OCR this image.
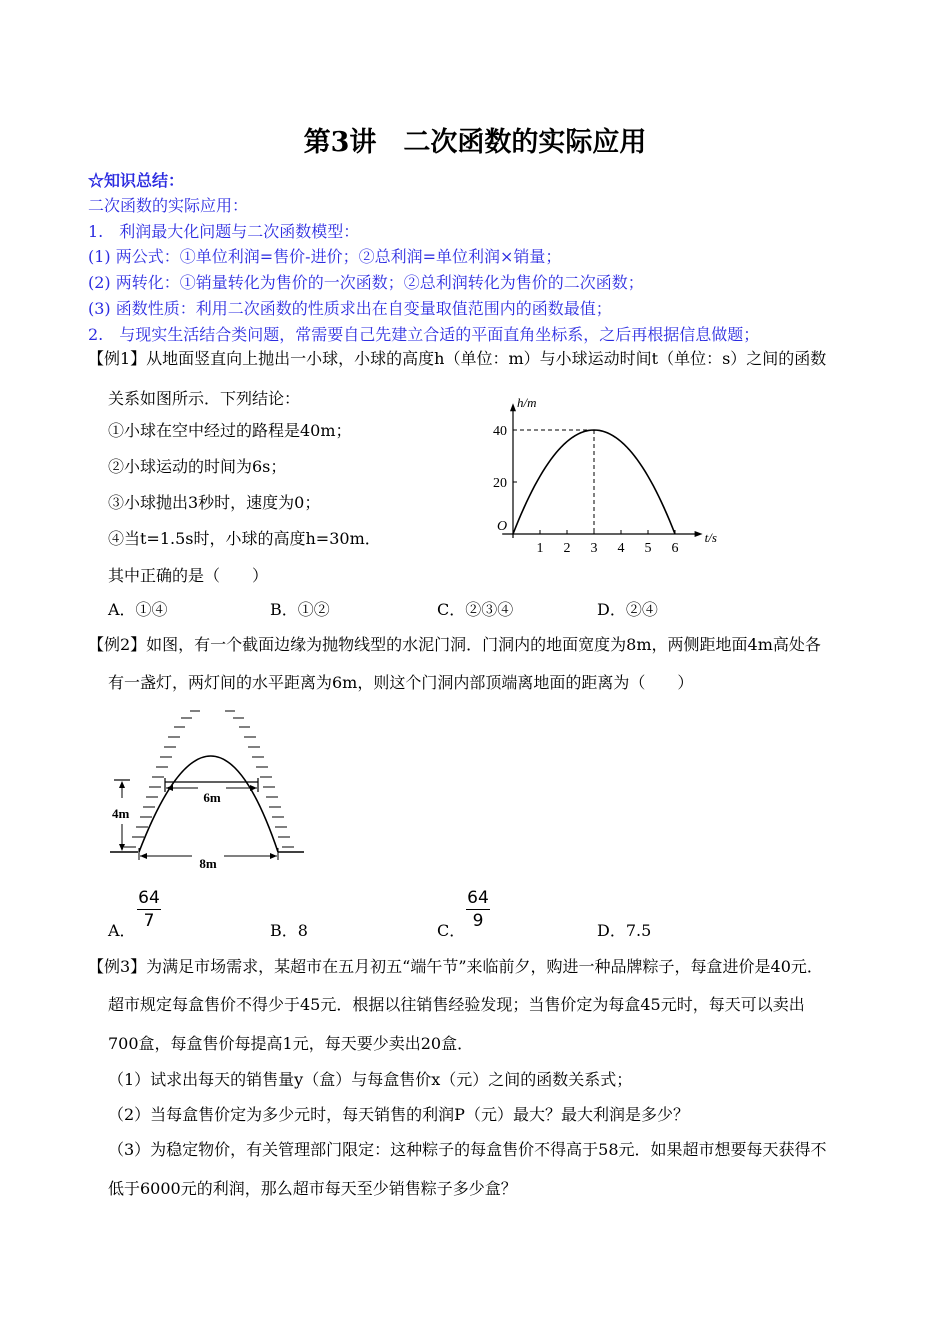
第3讲　二次函数的实际应用
☆知识总结：
二次函数的实际应用：
1.　利润最大化问题与二次函数模型：
(1) 两公式：①单位利润=售价-进价；②总利润=单位利润×销量；
(2) 两转化：①销量转化为售价的一次函数；②总利润转化为售价的二次函数；
(3) 函数性质：利用二次函数的性质求出在自变量取值范围内的函数最值；
2.　与现实生活结合类问题，常需要自己先建立合适的平面直角坐标系，之后再根据信息做题；
【例1】从地面竖直向上抛出一小球，小球的高度h（单位：m）与小球运动时间t（单位：s）之间的函数
关系如图所示．下列结论：
①小球在空中经过的路程是40m；
②小球运动的时间为6s；
③小球抛出3秒时，速度为0；
④当t=1.5s时，小球的高度h=30m．
其中正确的是（　　）
A．①④	B．①②	C．②③④	D．②④
h/m
t/s
O
1 2 3 4 5 6
20
40
【例2】如图，有一个截面边缘为抛物线型的水泥门洞．门洞内的地面宽度为8m，两侧距地面4m高处各
有一盏灯，两灯间的水平距离为6m，则这个门洞内部顶端离地面的距离为（　　）
6m
4m
8m
A．
64
7	B．8	C．
64
9	D．7.5
【例3】为满足市场需求，某超市在五月初五“端午节”来临前夕，购进一种品牌粽子，每盒进价是40元．
超市规定每盒售价不得少于45元．根据以往销售经验发现；当售价定为每盒45元时，每天可以卖出
700盒，每盒售价每提高1元，每天要少卖出20盒．
（1）试求出每天的销售量y（盒）与每盒售价x（元）之间的函数关系式；
（2）当每盒售价定为多少元时，每天销售的利润P（元）最大？最大利润是多少？
（3）为稳定物价，有关管理部门限定：这种粽子的每盒售价不得高于58元．如果超市想要每天获得不
低于6000元的利润，那么超市每天至少销售粽子多少盒？
